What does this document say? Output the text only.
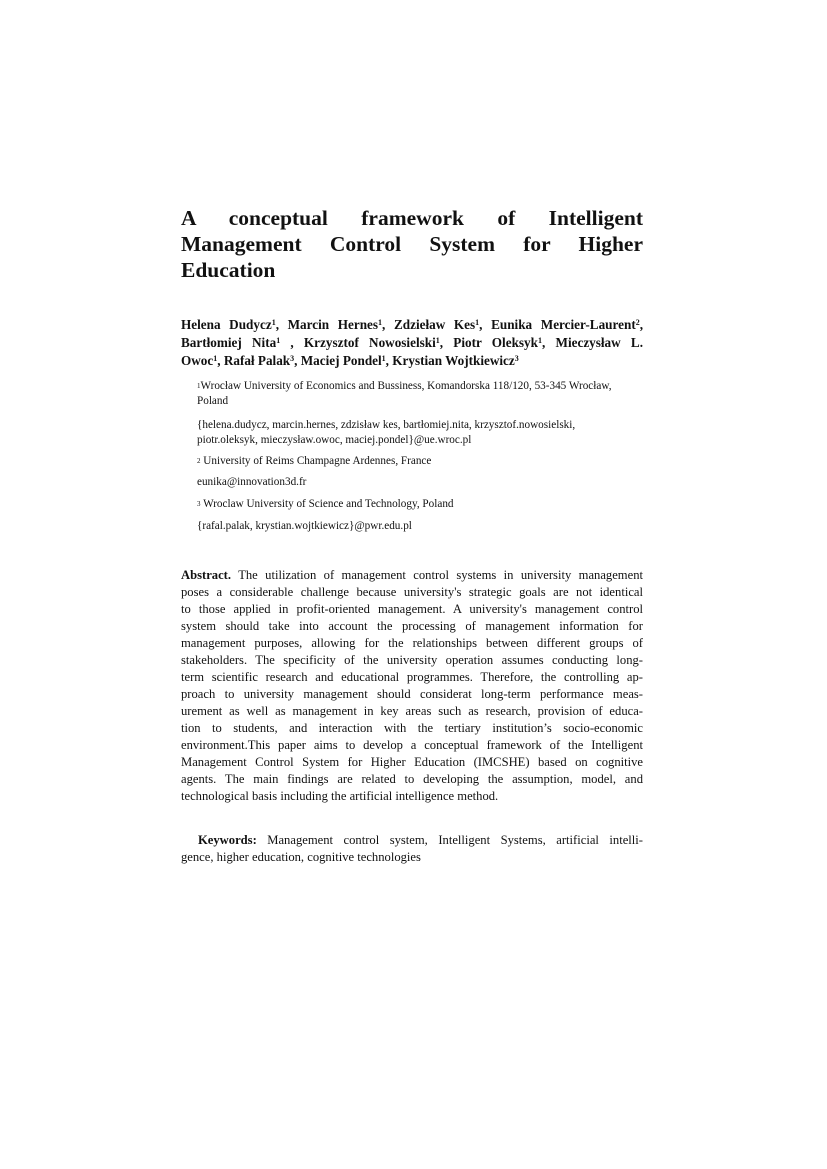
A conceptual framework of Intelligent
Management Control System for Higher
Education
Helena Dudycz$^1$, Marcin Hernes$^1$, Zdzieław Kes$^1$, Eunika Mercier-Laurent$^2$,
Bartłomiej Nita$^1$ , Krzysztof Nowosielski$^1$, Piotr Oleksyk$^1$, Mieczysław L.
Owoc$^1$, Rafał Palak$^3$, Maciej Pondel$^1$, Krystian Wojtkiewicz$^3$
$^1$Wrocław University of Economics and Bussiness, Komandorska 118/120, 53-345 Wrocław,
Poland
{helena.dudycz, marcin.hernes, zdzisław kes, bartłomiej.nita, krzysztof.nowosielski,
piotr.oleksyk, mieczysław.owoc, maciej.pondel}@ue.wroc.pl
$^2$ University of Reims Champagne Ardennes, France
eunika@innovation3d.fr
$^3$ Wroclaw University of Science and Technology, Poland
{rafal.palak, krystian.wojtkiewicz}@pwr.edu.pl
Abstract. The utilization of management control systems in university management
poses a considerable challenge because university's strategic goals are not identical
to those applied in profit-oriented management. A university's management control
system should take into account the processing of management information for
management purposes, allowing for the relationships between different groups of
stakeholders. The specificity of the university operation assumes conducting long-
term scientific research and educational programmes. Therefore, the controlling ap-
proach to university management should considerat long-term performance meas-
urement as well as management in key areas such as research, provision of educa-
tion to students, and interaction with the tertiary institution’s socio-economic
environment.This paper aims to develop a conceptual framework of the Intelligent
Management Control System for Higher Education (IMCSHE) based on cognitive
agents. The main findings are related to developing the assumption, model, and
technological basis including the artificial intelligence method.
Keywords: Management control system, Intelligent Systems, artificial intelli-
gence, higher education, cognitive technologies
